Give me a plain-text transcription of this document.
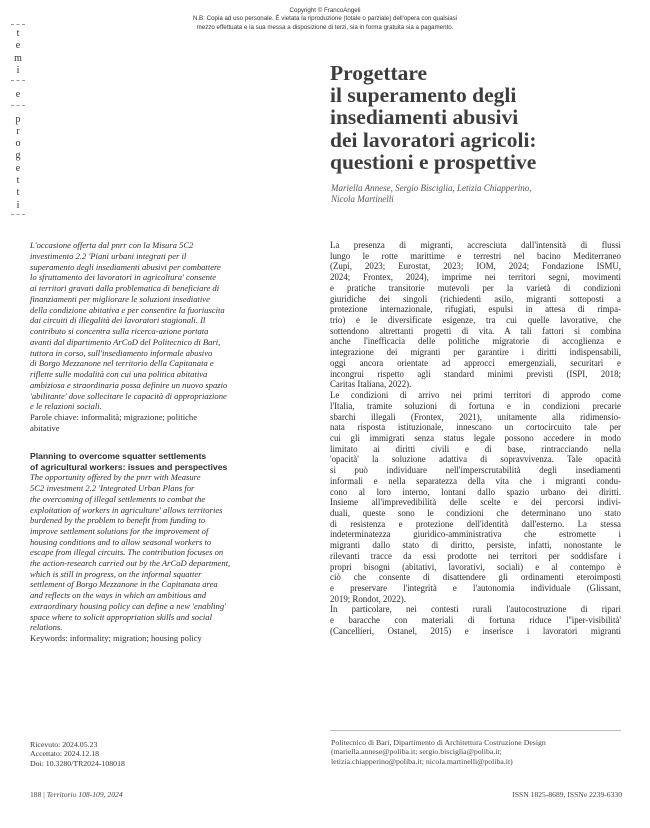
Copyright © FrancoAngeli
N.B: Copia ad uso personale. È vietata la riproduzione (totale o parziale) dell'opera con qualsiasi
mezzo effettuata e la sua messa a disposizione di terzi, sia in forma gratuita sia a pagamento.
t
e
m
i
e
p
r
o
g
e
t
t
i
Progettare
il superamento degli
insediamenti abusivi
dei lavoratori agricoli:
questioni e prospettive
Mariella Annese, Sergio Bisciglia, Letizia Chiapperino,
Nicola Martinelli
L'occasione offerta dal pnrr con la Misura 5C2
investimento 2.2 'Piani urbani integrati per il
superamento degli insediamenti abusivi per combattere
lo sfruttamento dei lavoratori in agricoltura' consente
ai territori gravati dalla problematica di beneficiare di
finanziamenti per migliorare le soluzioni insediative
della condizione abitativa e per consentire la fuoriuscita
dai circuiti di illegalità dei lavoratori stagionali. Il
contributo si concentra sulla ricerca-azione portata
avanti dal dipartimento ArCoD del Politecnico di Bari,
tuttora in corso, sull'insediamento informale abusivo
di Borgo Mezzanone nel territorio della Capitanata e
riflette sulle modalità con cui una politica abitativa
ambiziosa e straordinaria possa definire un nuovo spazio
'abilitante' dove sollecitare le capacità di appropriazione
e le relazioni sociali.
Parole chiave: informalità; migrazione; politiche
abitative
Planning to overcome squatter settlements
of agricultural workers: issues and perspectives
The opportunity offered by the pnrr with Measure
5C2 investment 2.2 'Integrated Urban Plans for
the overcoming of illegal settlements to combat the
exploitation of workers in agriculture' allows territories
burdened by the problem to benefit from funding to
improve settlement solutions for the improvement of
housing conditions and to allow seasonal workers to
escape from illegal circuits. The contribution focuses on
the action-research carried out by the ArCoD department,
which is still in progress, on the informal squatter
settlement of Borgo Mezzanone in the Capitanata area
and reflects on the ways in which an ambitious and
extraordinary housing policy can define a new 'enabling'
space where to solicit appropriation skills and social
relations.
Keywords: informality; migration; housing policy
La presenza di migranti, accresciuta dall'intensità di flussi
lungo le rotte marittime e terrestri nel bacino Mediterraneo
(Zupi, 2023; Eurostat, 2023; IOM, 2024; Fondazione ISMU,
2024; Frontex, 2024), imprime nei territori segni, movimenti
e pratiche transitorie mutevoli per la varietà di condizioni
giuridiche dei singoli (richiedenti asilo, migranti sottoposti a
protezione internazionale, rifugiati, espulsi in attesa di rimpa-
trio) e le diversificate esigenze, tra cui quelle lavorative, che
sottendono altrettanti progetti di vita. A tali fattori si combina
anche l'inefficacia delle politiche migratorie di accoglienza e
integrazione dei migranti per garantire i diritti indispensabili,
oggi ancora orientate ad approcci emergenziali, securitari e
incongrui rispetto agli standard minimi previsti (ISPI, 2018;
Caritas Italiana, 2022).
Le condizioni di arrivo nei primi territori di approdo come
l'Italia, tramite soluzioni di fortuna e in condizioni precarie
sbarchi illegali (Frontex, 2021), unitamente alla ridimensio-
nata risposta istituzionale, innescano un cortocircuito tale per
cui gli immigrati senza status legale possono accedere in modo
limitato ai diritti civili e di base, rintracciando nella
'opacità' la soluzione adattiva di sopravvivenza. Tale opacità
si può individuare nell'imperscrutabilità degli insediamenti
informali e nella separatezza della vita che i migranti condu-
cono al loro interno, lontani dallo spazio urbano dei diritti.
Insieme all'imprevedibilità delle scelte e dei percorsi indivi-
duali, queste sono le condizioni che determinano uno stato
di resistenza e protezione dell'identità dall'esterno. La stessa
indeterminatezza giuridico-amministrativa che estromette i
migranti dallo stato di diritto, persiste, infatti, nonostante le
rilevanti tracce da essi prodotte nei territori per soddisfare i
propri bisogni (abitativi, lavorativi, sociali) e al contempo è
ciò che consente di disattendere gli ordinamenti eteroimposti
e preservare l'integrità e l'autonomia individuale (Glissant,
2019; Rondot, 2022).
In particolare, nei contesti rurali l'autocostruzione di ripari
e baracche con materiali di fortuna riduce l''iper-visibilità'
(Cancellieri, Ostanel, 2015) e inserisce i lavoratori migranti
Ricevuto: 2024.05.23
Accettato: 2024.12.18
Doi: 10.3280/TR2024-108018
Politecnico di Bari, Dipartimento di Architettura Costruzione Design
(mariella.annese@poliba.it; sergio.bisciglia@poliba.it;
letizia.chiapperino@poliba.it; nicola.martinelli@poliba.it)
188 | Territorio 108-109, 2024	ISSN 1825-8689, ISSNe 2239-6330
